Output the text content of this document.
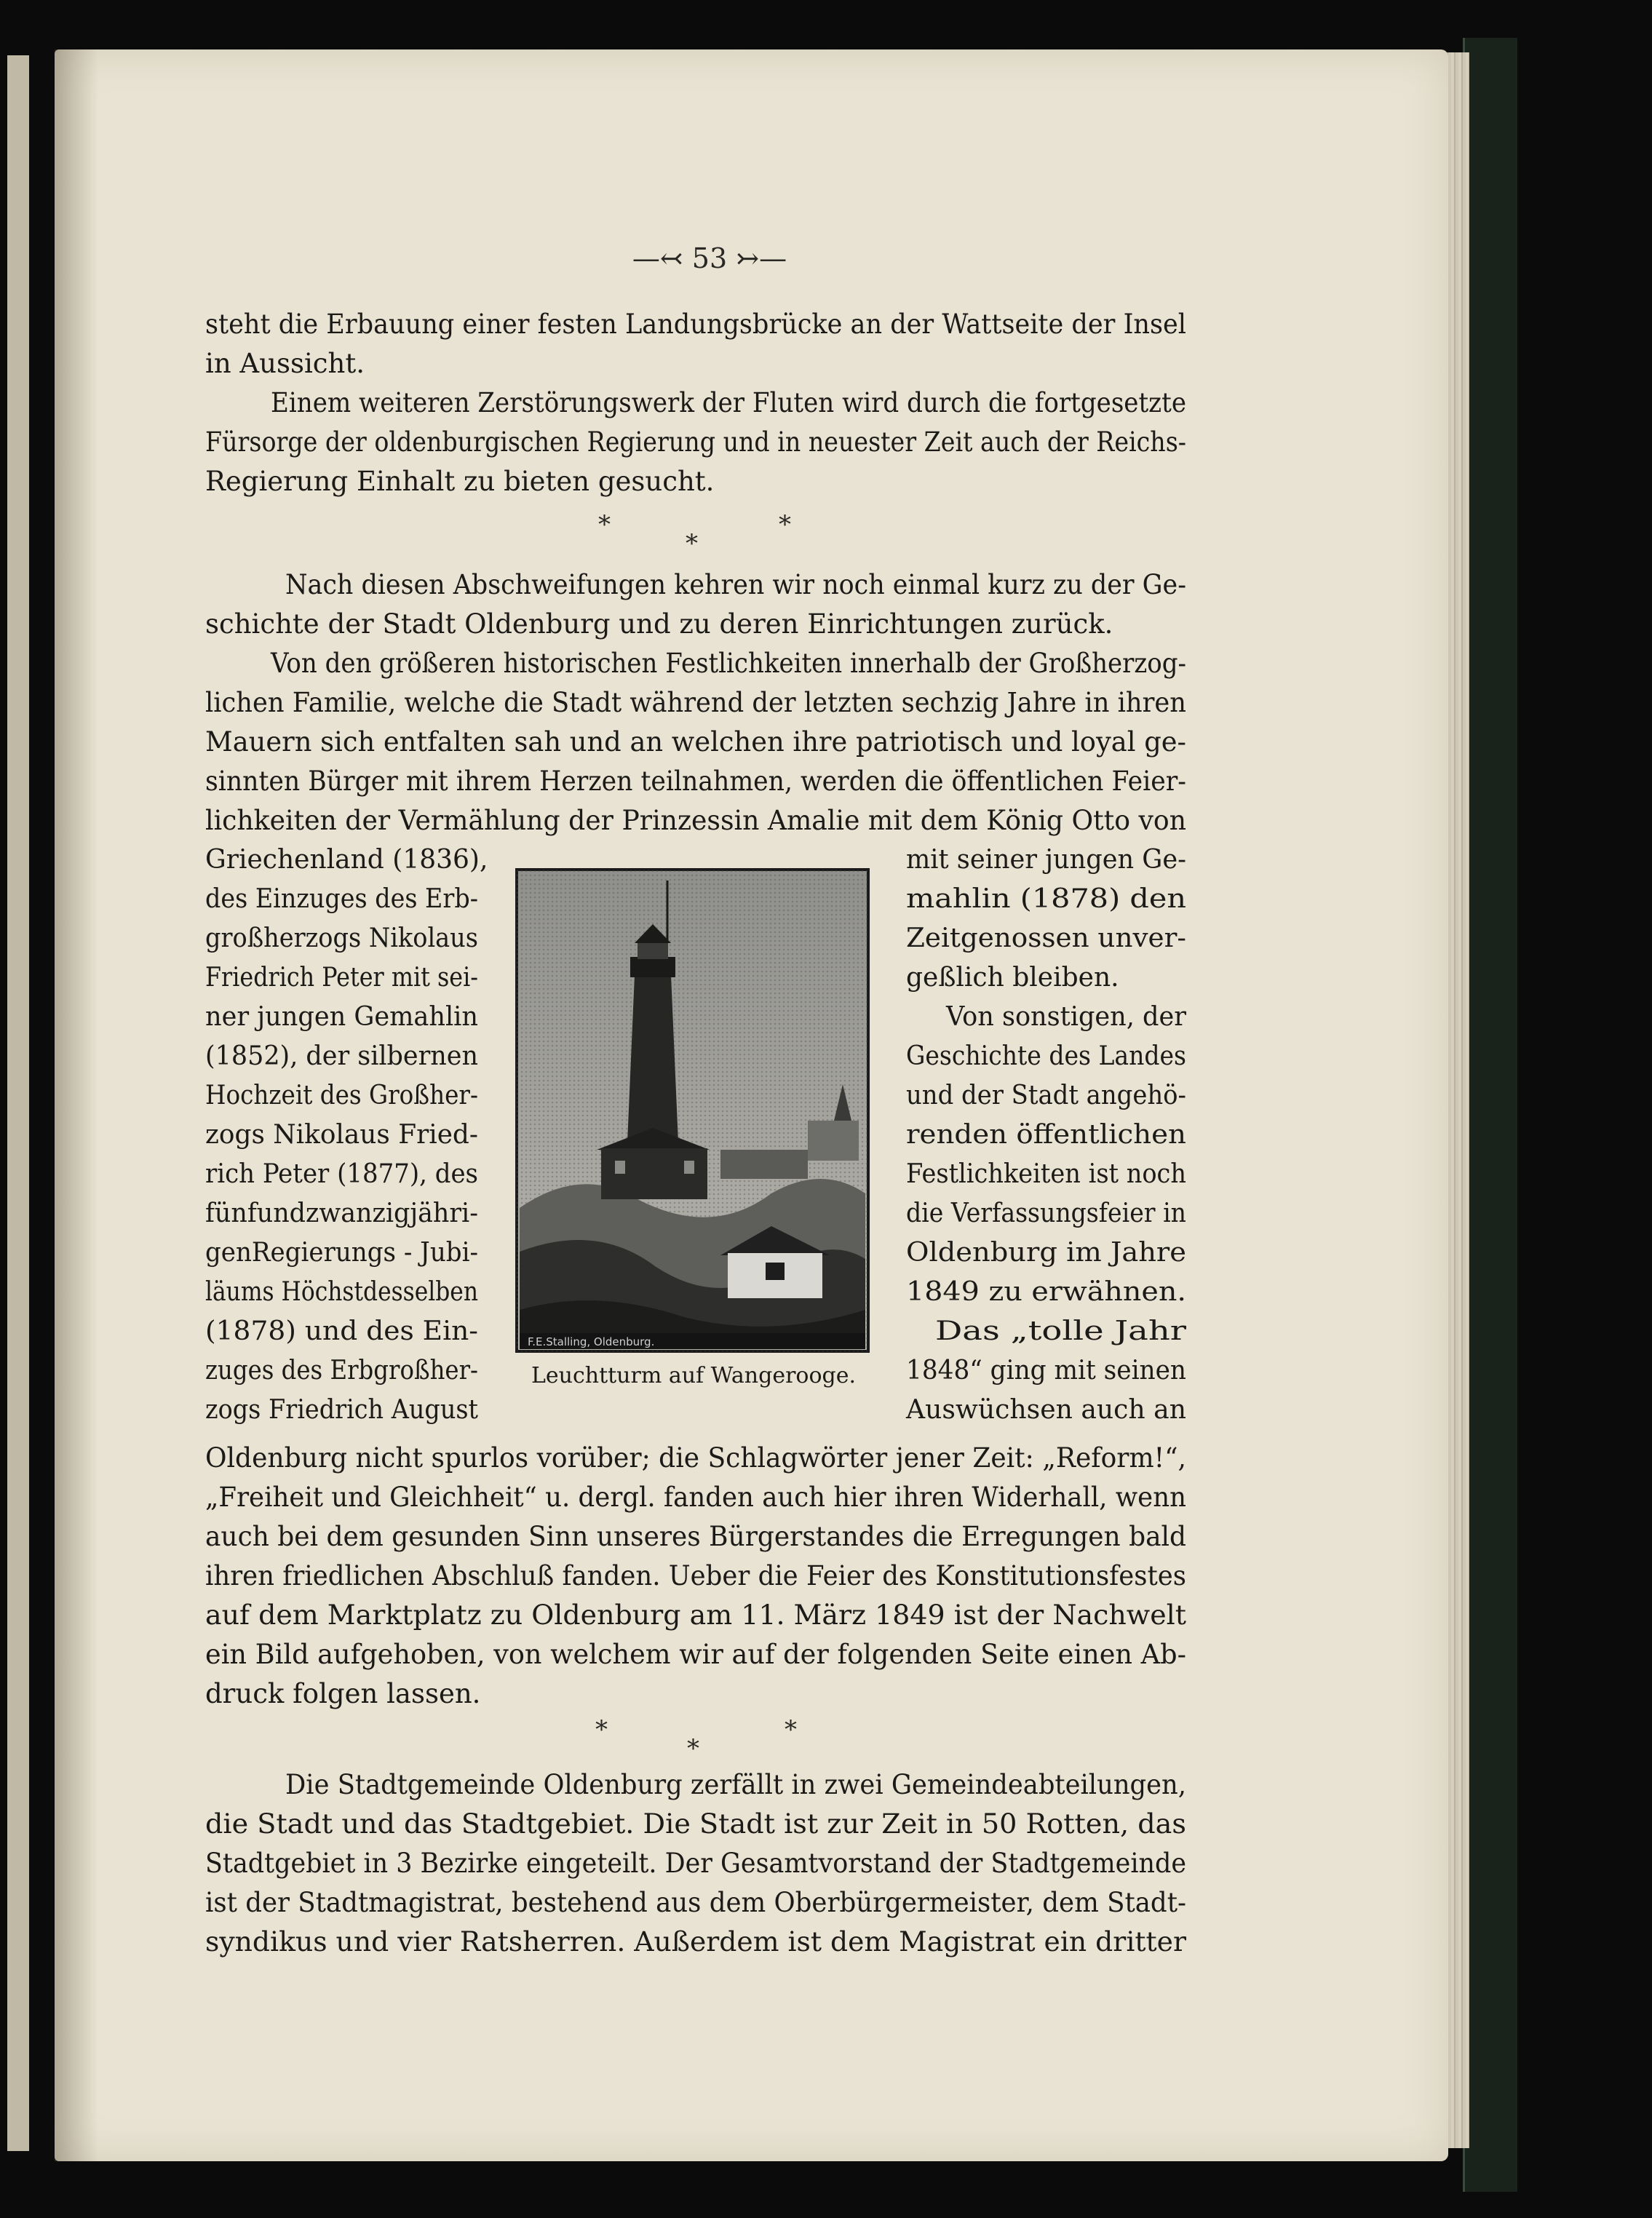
F.E.Stalling, Oldenburg.
—↢ 53 ↣—
*
*
*
*
*
*
Leuchtturm auf Wangerooge.
steht die Erbauung einer festen Landungsbrücke an der Wattseite der Insel
in Aussicht.
Einem weiteren Zerstörungswerk der Fluten wird durch die fortgesetzte
Fürsorge der oldenburgischen Regierung und in neuester Zeit auch der Reichs-
Regierung Einhalt zu bieten gesucht.
Nach diesen Abschweifungen kehren wir noch einmal kurz zu der Ge-
schichte der Stadt Oldenburg und zu deren Einrichtungen zurück.
Von den größeren historischen Festlichkeiten innerhalb der Großherzog-
lichen Familie, welche die Stadt während der letzten sechzig Jahre in ihren
Mauern sich entfalten sah und an welchen ihre patriotisch und loyal ge-
sinnten Bürger mit ihrem Herzen teilnahmen, werden die öffentlichen Feier-
lichkeiten der Vermählung der Prinzessin Amalie mit dem König Otto von
Griechenland (1836),
des Einzuges des Erb-
großherzogs Nikolaus
Friedrich Peter mit sei-
ner jungen Gemahlin
(1852), der silbernen
Hochzeit des Großher-
zogs Nikolaus Fried-
rich Peter (1877), des
fünfundzwanzigjähri-
genRegierungs - Jubi-
läums Höchstdesselben
(1878) und des Ein-
zuges des Erbgroßher-
zogs Friedrich August
mit seiner jungen Ge-
mahlin (1878) den
Zeitgenossen unver-
geßlich bleiben.
Von sonstigen, der
Geschichte des Landes
und der Stadt angehö-
renden öffentlichen
Festlichkeiten ist noch
die Verfassungsfeier in
Oldenburg im Jahre
1849 zu erwähnen.
Das „tolle Jahr
1848“ ging mit seinen
Auswüchsen auch an
Oldenburg nicht spurlos vorüber; die Schlagwörter jener Zeit: „Reform!“,
„Freiheit und Gleichheit“ u. dergl. fanden auch hier ihren Widerhall, wenn
auch bei dem gesunden Sinn unseres Bürgerstandes die Erregungen bald
ihren friedlichen Abschluß fanden. Ueber die Feier des Konstitutionsfestes
auf dem Marktplatz zu Oldenburg am 11. März 1849 ist der Nachwelt
ein Bild aufgehoben, von welchem wir auf der folgenden Seite einen Ab-
druck folgen lassen.
Die Stadtgemeinde Oldenburg zerfällt in zwei Gemeindeabteilungen,
die Stadt und das Stadtgebiet. Die Stadt ist zur Zeit in 50 Rotten, das
Stadtgebiet in 3 Bezirke eingeteilt. Der Gesamtvorstand der Stadtgemeinde
ist der Stadtmagistrat, bestehend aus dem Oberbürgermeister, dem Stadt-
syndikus und vier Ratsherren. Außerdem ist dem Magistrat ein dritter
